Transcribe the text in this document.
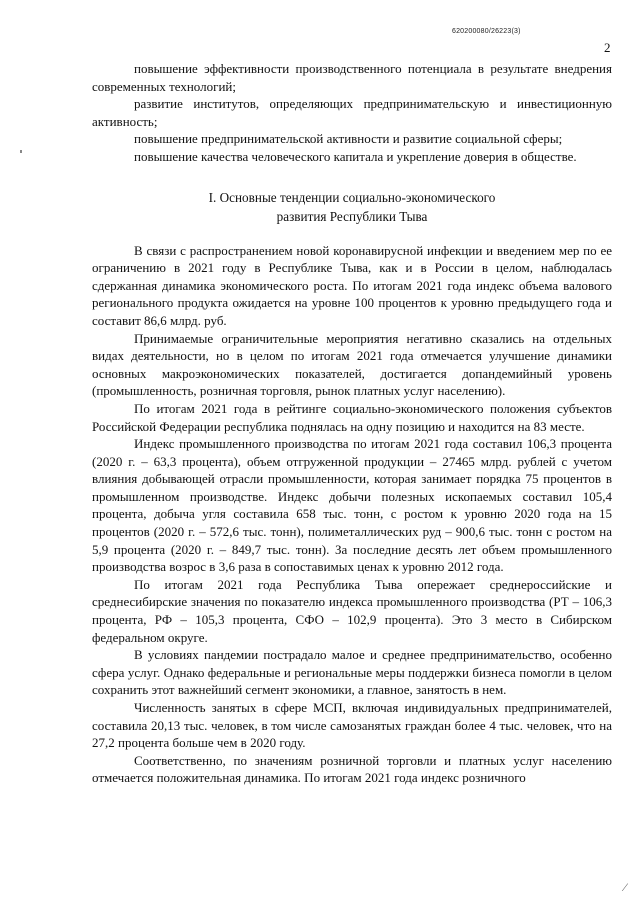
620200080/26223(3)
2

повышение эффективности производственного потенциала в результате внедрения современных технологий;

развитие институтов, определяющих предпринимательскую и инвестиционную активность;

повышение предпринимательской активности и развитие социальной сферы;

повышение качества человеческого капитала и укрепление доверия в обществе.

I. Основные тенденции социально-экономического
развития Республики Тыва

В связи с распространением новой коронавирусной инфекции и введением мер по ее ограничению в 2021 году в Республике Тыва, как и в России в целом, наблюдалась сдержанная динамика экономического роста. По итогам 2021 года индекс объема валового регионального продукта ожидается на уровне 100 процентов к уровню предыдущего года и составит 86,6 млрд. руб.

Принимаемые ограничительные мероприятия негативно сказались на отдельных видах деятельности, но в целом по итогам 2021 года отмечается улучшение динамики основных макроэкономических показателей, достигается допандемийный уровень (промышленность, розничная торговля, рынок платных услуг населению).

По итогам 2021 года в рейтинге социально-экономического положения субъектов Российской Федерации республика поднялась на одну позицию и находится на 83 месте.

Индекс промышленного производства по итогам 2021 года составил 106,3 процента (2020 г. – 63,3 процента), объем отгруженной продукции – 27465 млрд. рублей с учетом влияния добывающей отрасли промышленности, которая занимает порядка 75 процентов в промышленном производстве. Индекс добычи полезных ископаемых составил 105,4 процента, добыча угля составила 658 тыс. тонн, с ростом к уровню 2020 года на 15 процентов (2020 г. – 572,6 тыс. тонн), полиметаллических руд – 900,6 тыс. тонн с ростом на 5,9 процента (2020 г. – 849,7 тыс. тонн). За последние десять лет объем промышленного производства возрос в 3,6 раза в сопоставимых ценах к уровню 2012 года.

По итогам 2021 года Республика Тыва опережает среднероссийские и среднесибирские значения по показателю индекса промышленного производства (РТ – 106,3 процента, РФ – 105,3 процента, СФО – 102,9 процента). Это 3 место в Сибирском федеральном округе.

В условиях пандемии пострадало малое и среднее предпринимательство, особенно сфера услуг. Однако федеральные и региональные меры поддержки бизнеса помогли в целом сохранить этот важнейший сегмент экономики, а главное, занятость в нем.

Численность занятых в сфере МСП, включая индивидуальных предпринимателей, составила 20,13 тыс. человек, в том числе самозанятых граждан более 4 тыс. человек, что на 27,2 процента больше чем в 2020 году.

Соответственно, по значениям розничной торговли и платных услуг населению отмечается положительная динамика. По итогам 2021 года индекс розничного

⁄
